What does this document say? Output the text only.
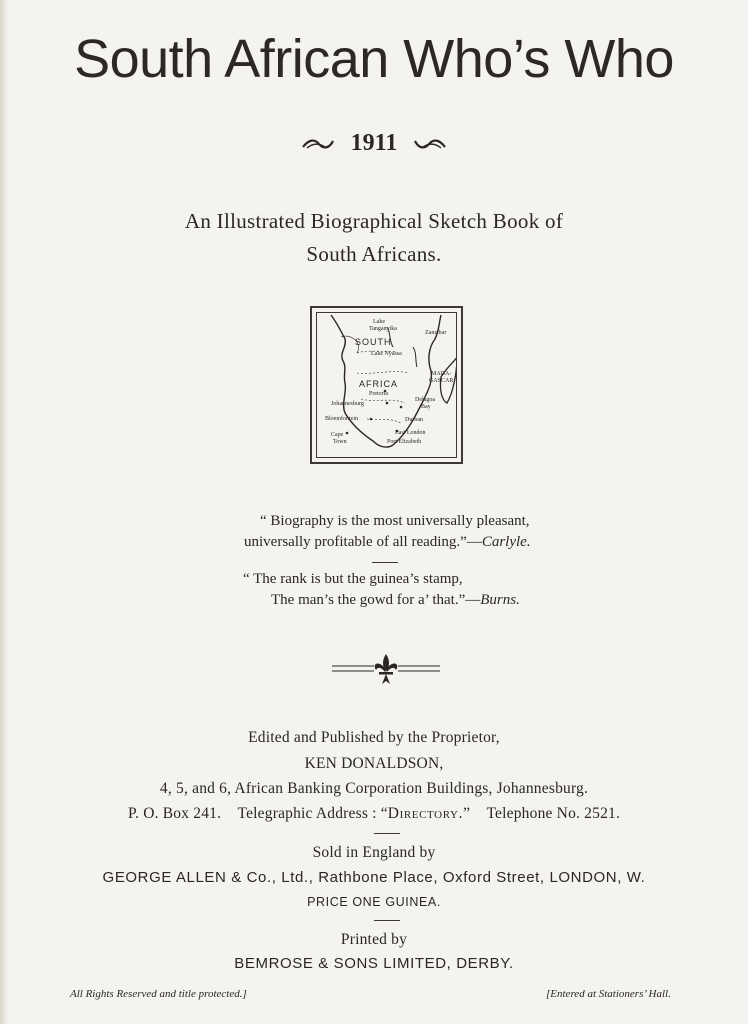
South African Who’s Who
1911
An Illustrated Biographical Sketch Book of
South Africans.
Lake
Tanganyika
Zanzibar
SOUTH
Lake Nyassa
MADA-
GASCAR
AFRICA
Pretoria
Johannesburg
Delagoa
Bay
Bloemfontein	Durban
Cape
Town
East London
Port Elizabeth
“ Biography is the most universally pleasant,
universally profitable of all reading.”—Carlyle.
“ The rank is but the guinea’s stamp,
The man’s the gowd for a’ that.”—Burns.
Edited and Published by the Proprietor,
KEN DONALDSON,
4, 5, and 6, African Banking Corporation Buildings, Johannesburg.
P. O. Box 241. Telegraphic Address : “Directory.” Telephone No. 2521.
Sold in England by
GEORGE ALLEN & Co., Ltd., Rathbone Place, Oxford Street, LONDON, W.
PRICE ONE GUINEA.
Printed by
BEMROSE & SONS LIMITED, DERBY.
All Rights Reserved and title protected.]	[Entered at Stationers’ Hall.
